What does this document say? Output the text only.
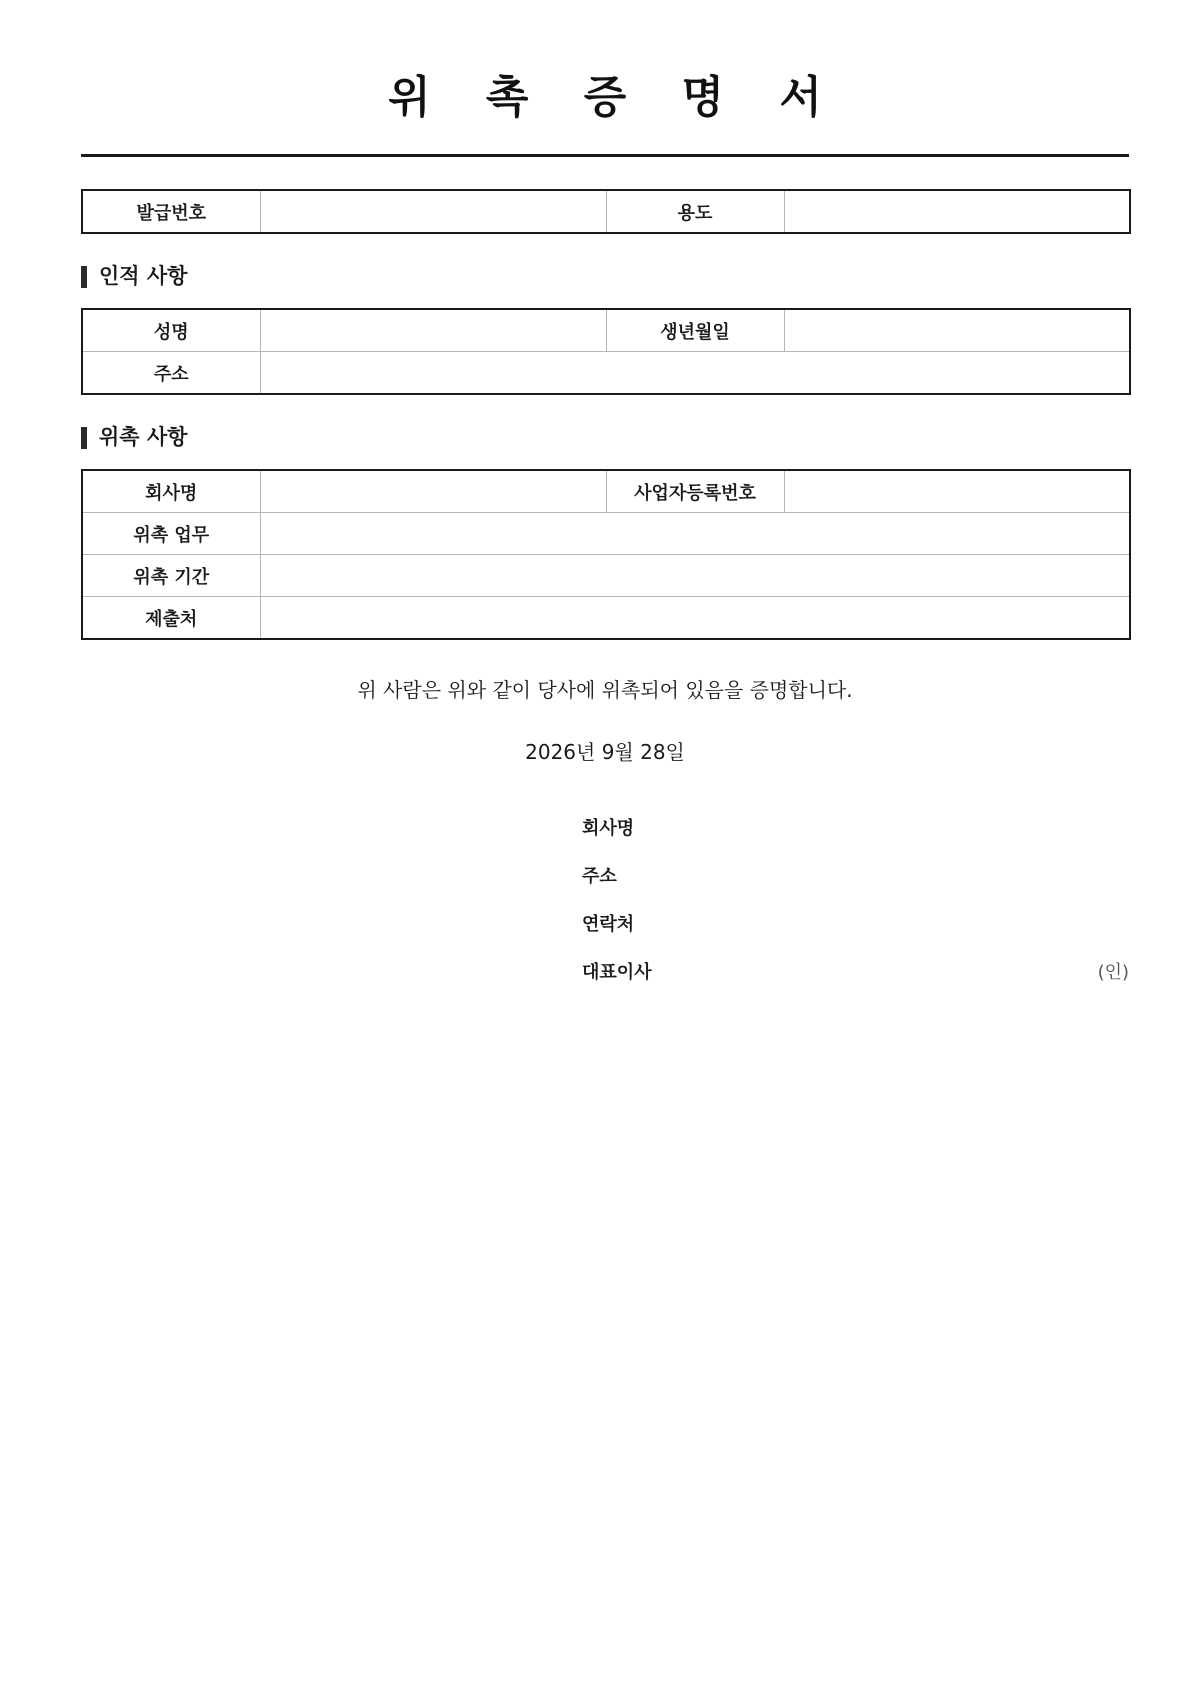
위 촉 증 명 서
발급번호		용도	
인적 사항
성명		생년월일	
주소			
위촉 사항
회사명		사업자등록번호	
위촉 업무			
위촉 기간			
제출처			
위 사람은 위와 같이 당사에 위촉되어 있음을 증명합니다.
2026년 9월 28일
회사명
주소
연락처
대표이사	(인)
